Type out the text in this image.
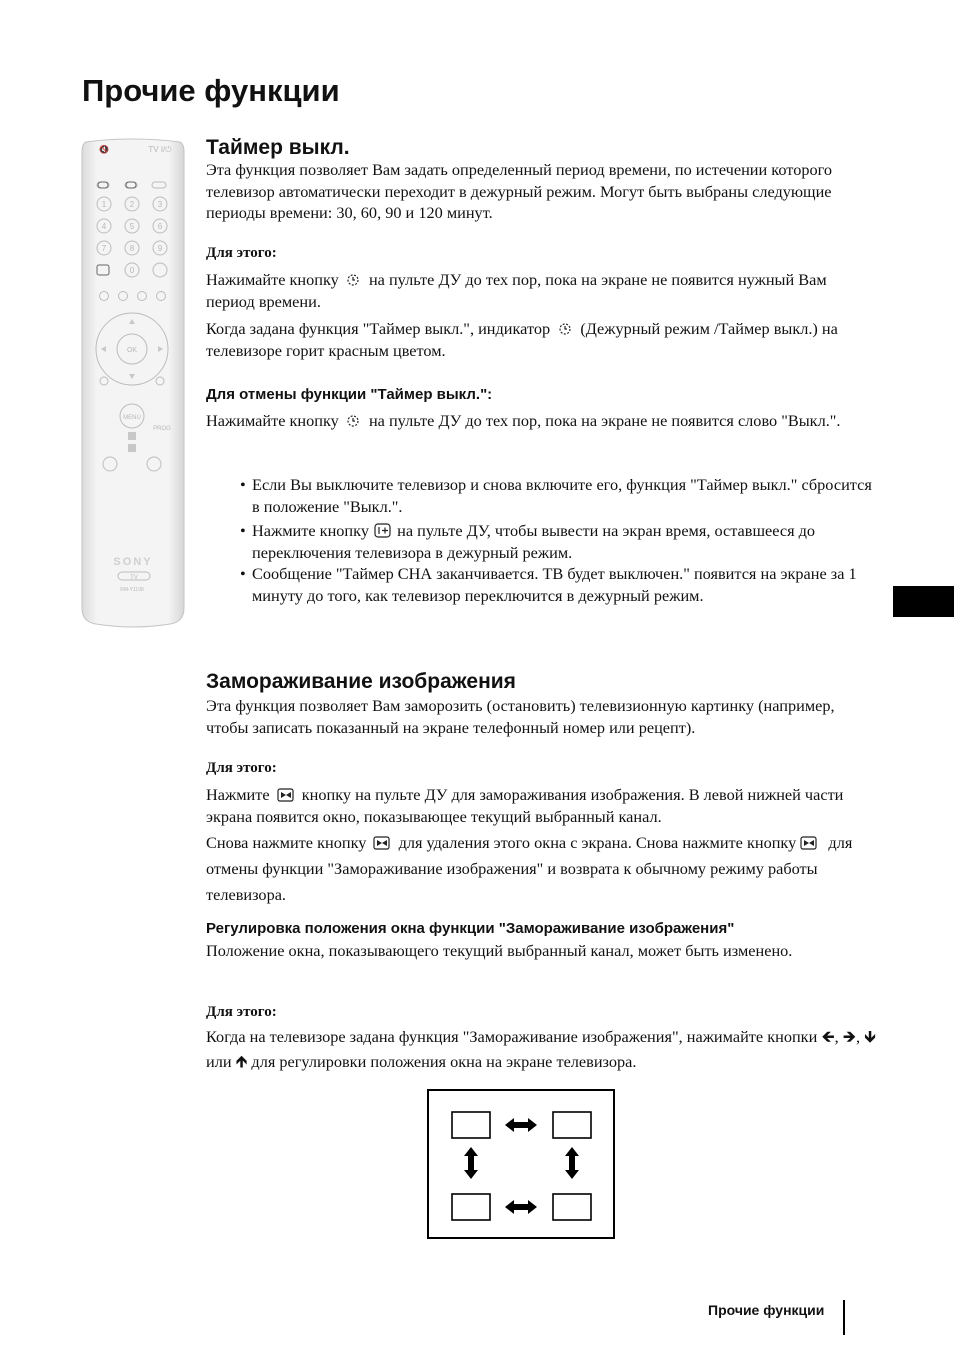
Прочие функции
🔇	TV I/⏻
1	2	3
4	5	6
7	8	9
0
OK
MENU
PROG
SONY
TV
RM-Y1108
Таймер выкл.

Эта функция позволяет Вам задать определенный период времени, по истечении которого телевизор автоматически переходит в дежурный режим. Могут быть выбраны следующие периоды времени: 30, 60, 90 и 120 минут.

Для этого:

Нажимайте кнопку на пульте ДУ до тех пор, пока на экране не появится нужный Вам период времени.

Когда задана функция "Таймер выкл.", индикатор (Дежурный режим /Таймер выкл.) на телевизоре горит красным цветом.

Для отмены функции "Таймер выкл.":

Нажимайте кнопку на пульте ДУ до тех пор, пока на экране не появится слово "Выкл.".

• Если Вы выключите телевизор и снова включите его, функция "Таймер выкл." сбросится в положение "Выкл.".
• Нажмите кнопку на пульте ДУ, чтобы вывести на экран время, оставшееся до переключения телевизора в дежурный режим.
• Сообщение "Таймер СНА заканчивается. ТВ будет выключен." появится на экране за 1 минуту до того, как телевизор переключится в дежурный режим.
Замораживание изображения

Эта функция позволяет Вам заморозить (остановить) телевизионную картинку (например, чтобы записать показанный на экране телефонный номер или рецепт).

Для этого:

Нажмите кнопку на пульте ДУ для замораживания изображения. В левой нижней части экрана появится окно, показывающее текущий выбранный канал.

Снова нажмите кнопку для удаления этого окна с экрана. Снова нажмите кнопку для отмены функции "Замораживание изображения" и возврата к обычному режиму работы телевизора.

Регулировка положения окна функции "Замораживание изображения"

Положение окна, показывающего текущий выбранный канал, может быть изменено.

Для этого:

Когда на телевизоре задана функция "Замораживание изображения", нажимайте кнопки 🡸, 🡺, 🡻 или 🡹 для регулировки положения окна на экране телевизора.

Прочие функции
